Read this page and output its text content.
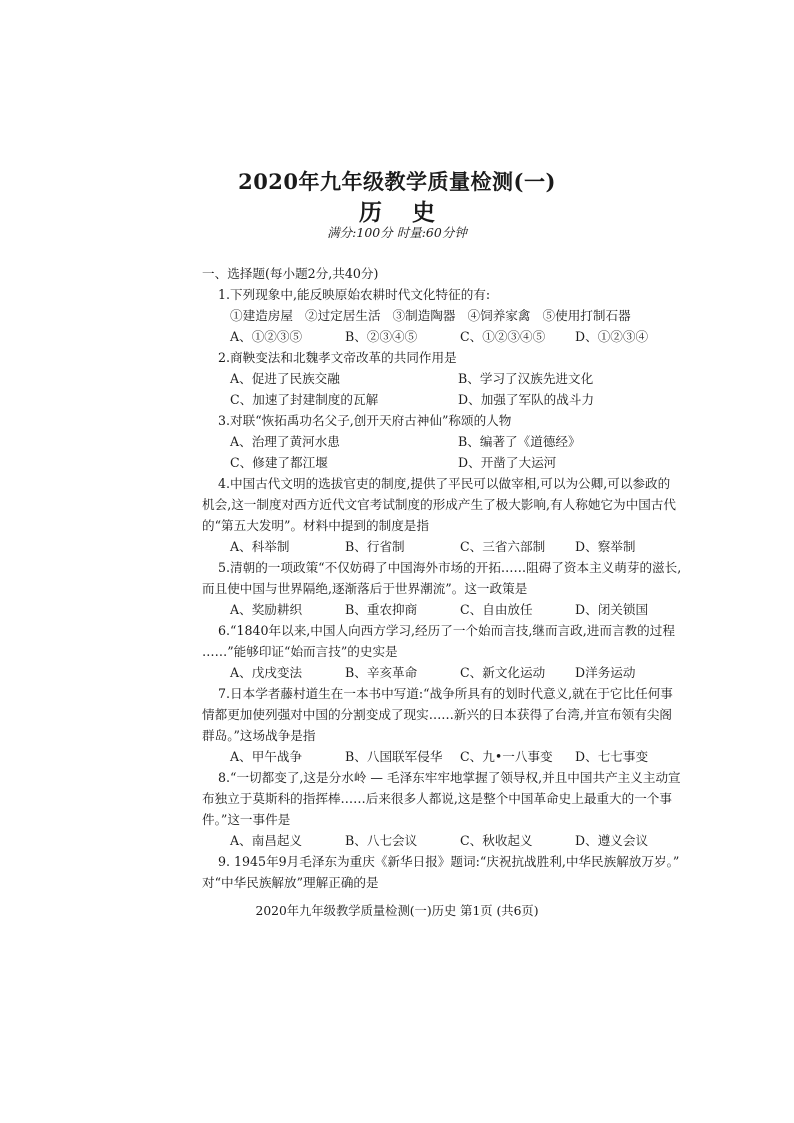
2020年九年级教学质量检测(一)
历史
满分:100分 时量:60分钟
一、选择题(每小题2分,共40分)
1.下列现象中,能反映原始农耕时代文化特征的有:
①建造房屋   ②过定居生活   ③制造陶器   ④饲养家禽   ⑤使用打制石器
A、①②③⑤	B、②③④⑤	C、①②③④⑤	D、①②③④
2.商鞅变法和北魏孝文帝改革的共同作用是
A、促进了民族交融	B、学习了汉族先进文化
C、加速了封建制度的瓦解	D、加强了军队的战斗力
3.对联“恢拓禹功名父子,创开天府古神仙”称颂的人物
A、治理了黄河水患	B、编著了《道德经》
C、修建了都江堰	D、开凿了大运河
4.中国古代文明的选拔官吏的制度,提供了平民可以做宰相,可以为公卿,可以参政的
机会,这一制度对西方近代文官考试制度的形成产生了极大影响,有人称她它为中国古代
的“第五大发明”。材料中提到的制度是指
A、科举制	B、行省制	C、三省六部制	D、察举制
5.清朝的一项政策“不仅妨碍了中国海外市场的开拓……阻碍了资本主义萌芽的滋长,
而且使中国与世界隔绝,逐渐落后于世界潮流”。这一政策是
A、奖励耕织	B、重农抑商	C、自由放任	D、闭关锁国
6.“1840年以来,中国人向西方学习,经历了一个始而言技,继而言政,进而言教的过程
……”能够印证“始而言技”的史实是
A、戊戌变法	B、辛亥革命	C、新文化运动	D洋务运动
7.日本学者藤村道生在一本书中写道:“战争所具有的划时代意义,就在于它比任何事
情都更加使列强对中国的分割变成了现实……新兴的日本获得了台湾,并宣布领有尖阁
群岛。”这场战争是指
A、甲午战争	B、八国联军侵华	C、九•一八事变	D、七七事变
8.“一切都变了,这是分水岭 — 毛泽东牢牢地掌握了领导权,并且中国共产主义主动宣
布独立于莫斯科的指挥棒……后来很多人都说,这是整个中国革命史上最重大的一个事
件。”这一事件是
A、南昌起义	B、八七会议	C、秋收起义	D、遵义会议
9. 1945年9月毛泽东为重庆《新华日报》题词:“庆祝抗战胜利,中华民族解放万岁。”
对“中华民族解放”理解正确的是
2020年九年级教学质量检测(一)历史 第1页 (共6页)
